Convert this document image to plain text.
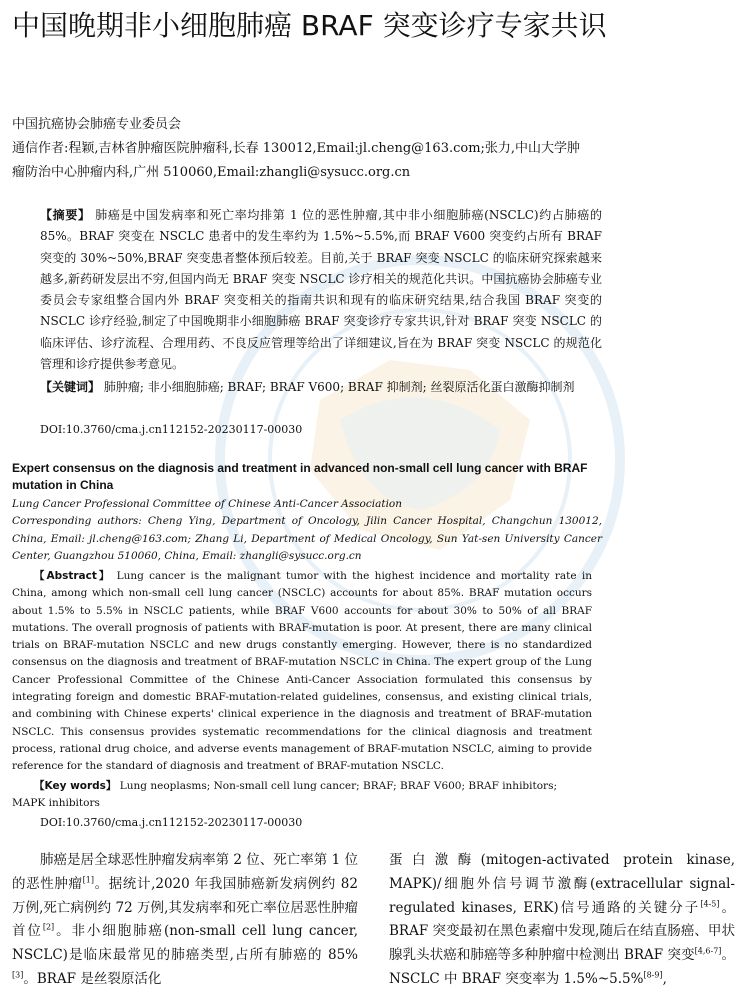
中国晚期非小细胞肺癌 BRAF 突变诊疗专家共识
中国抗癌协会肺癌专业委员会
通信作者:程颖,吉林省肿瘤医院肿瘤科,长春 130012,Email:jl.cheng@163.com;张力,中山大学肿瘤防治中心肿瘤内科,广州 510060,Email:zhangli@sysucc.org.cn
【摘要】 肺癌是中国发病率和死亡率均排第 1 位的恶性肿瘤,其中非小细胞肺癌(NSCLC)约占肺癌的 85%。BRAF 突变在 NSCLC 患者中的发生率约为 1.5%~5.5%,而 BRAF V600 突变约占所有 BRAF 突变的 30%~50%,BRAF 突变患者整体预后较差。目前,关于 BRAF 突变 NSCLC 的临床研究探索越来越多,新药研发层出不穷,但国内尚无 BRAF 突变 NSCLC 诊疗相关的规范化共识。中国抗癌协会肺癌专业委员会专家组整合国内外 BRAF 突变相关的指南共识和现有的临床研究结果,结合我国 BRAF 突变的 NSCLC 诊疗经验,制定了中国晚期非小细胞肺癌 BRAF 突变诊疗专家共识,针对 BRAF 突变 NSCLC 的临床评估、诊疗流程、合理用药、不良反应管理等给出了详细建议,旨在为 BRAF 突变 NSCLC 的规范化管理和诊疗提供参考意见。
【关键词】 肺肿瘤; 非小细胞肺癌; BRAF; BRAF V600; BRAF 抑制剂; 丝裂原活化蛋白激酶抑制剂
DOI:10.3760/cma.j.cn112152-20230117-00030
Expert consensus on the diagnosis and treatment in advanced non-small cell lung cancer with BRAF mutation in China
Lung Cancer Professional Committee of Chinese Anti-Cancer Association
Corresponding authors: Cheng Ying, Department of Oncology, Jilin Cancer Hospital, Changchun 130012, China, Email: jl.cheng@163.com; Zhang Li, Department of Medical Oncology, Sun Yat-sen University Cancer Center, Guangzhou 510060, China, Email: zhangli@sysucc.org.cn
【Abstract】 Lung cancer is the malignant tumor with the highest incidence and mortality rate in China, among which non-small cell lung cancer (NSCLC) accounts for about 85%. BRAF mutation occurs about 1.5% to 5.5% in NSCLC patients, while BRAF V600 accounts for about 30% to 50% of all BRAF mutations. The overall prognosis of patients with BRAF-mutation is poor. At present, there are many clinical trials on BRAF-mutation NSCLC and new drugs constantly emerging. However, there is no standardized consensus on the diagnosis and treatment of BRAF-mutation NSCLC in China. The expert group of the Lung Cancer Professional Committee of the Chinese Anti-Cancer Association formulated this consensus by integrating foreign and domestic BRAF-mutation-related guidelines, consensus, and existing clinical trials, and combining with Chinese experts' clinical experience in the diagnosis and treatment of BRAF-mutation NSCLC. This consensus provides systematic recommendations for the clinical diagnosis and treatment process, rational drug choice, and adverse events management of BRAF-mutation NSCLC, aiming to provide reference for the standard of diagnosis and treatment of BRAF-mutation NSCLC.
【Key words】 Lung neoplasms; Non-small cell lung cancer; BRAF; BRAF V600; BRAF inhibitors; MAPK inhibitors
DOI:10.3760/cma.j.cn112152-20230117-00030
肺癌是居全球恶性肿瘤发病率第 2 位、死亡率第 1 位的恶性肿瘤[1]。据统计,2020 年我国肺癌新发病例约 82 万例,死亡病例约 72 万例,其发病率和死亡率位居恶性肿瘤首位[2]。非小细胞肺癌(non-small cell lung cancer, NSCLC)是临床最常见的肺癌类型,占所有肺癌的 85%[3]。BRAF 是丝裂原活化
蛋白激酶(mitogen-activated protein kinase, MAPK)/细胞外信号调节激酶(extracellular signal-regulated kinases, ERK)信号通路的关键分子[4-5]。BRAF 突变最初在黑色素瘤中发现,随后在结直肠癌、甲状腺乳头状癌和肺癌等多种肿瘤中检测出 BRAF 突变[4,6-7]。NSCLC 中 BRAF 突变率为 1.5%~5.5%[8-9],
